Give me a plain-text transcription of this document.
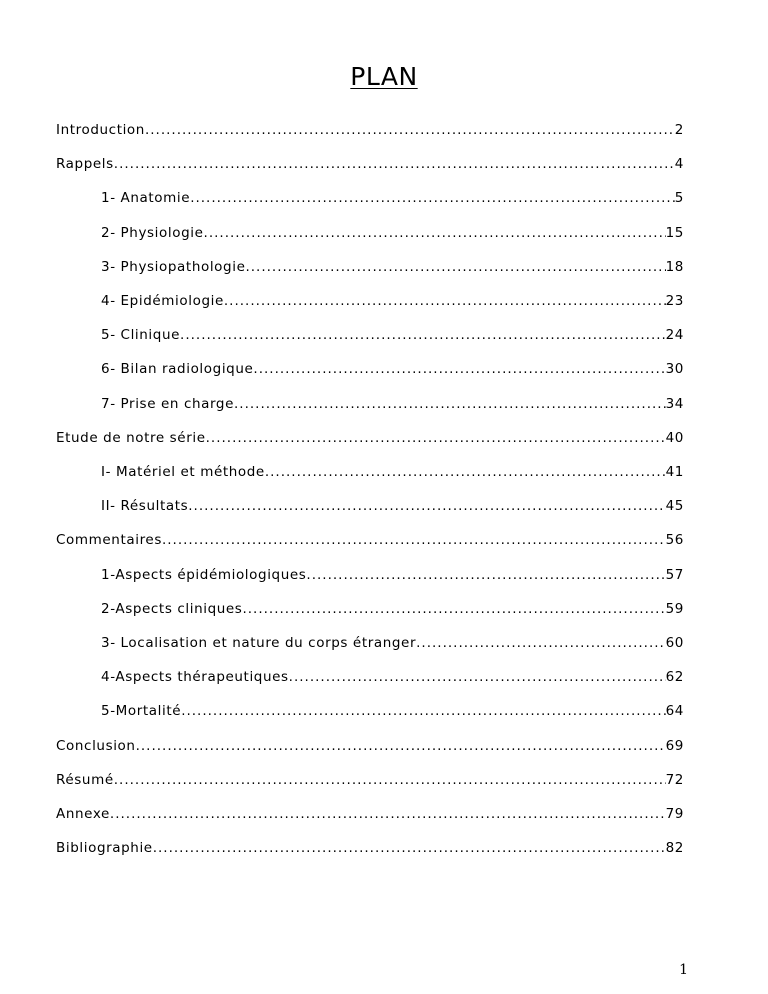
PLAN
Introduction .....	2
Rappels .....	4
1- Anatomie .....	5
2- Physiologie .....	15
3- Physiopathologie .....	18
4- Epidémiologie .....	23
5- Clinique .....	24
6- Bilan radiologique .....	30
7- Prise en charge .....	34
Etude de notre série .....	40
I- Matériel et méthode .....	41
II- Résultats .....	45
Commentaires .....	56
1-Aspects épidémiologiques .....	57
2-Aspects cliniques .....	59
3- Localisation et nature du corps étranger .....	60
4-Aspects thérapeutiques .....	62
5-Mortalité .....	64
Conclusion .....	69
Résumé .....	72
Annexe .....	79
Bibliographie .....	82
1
